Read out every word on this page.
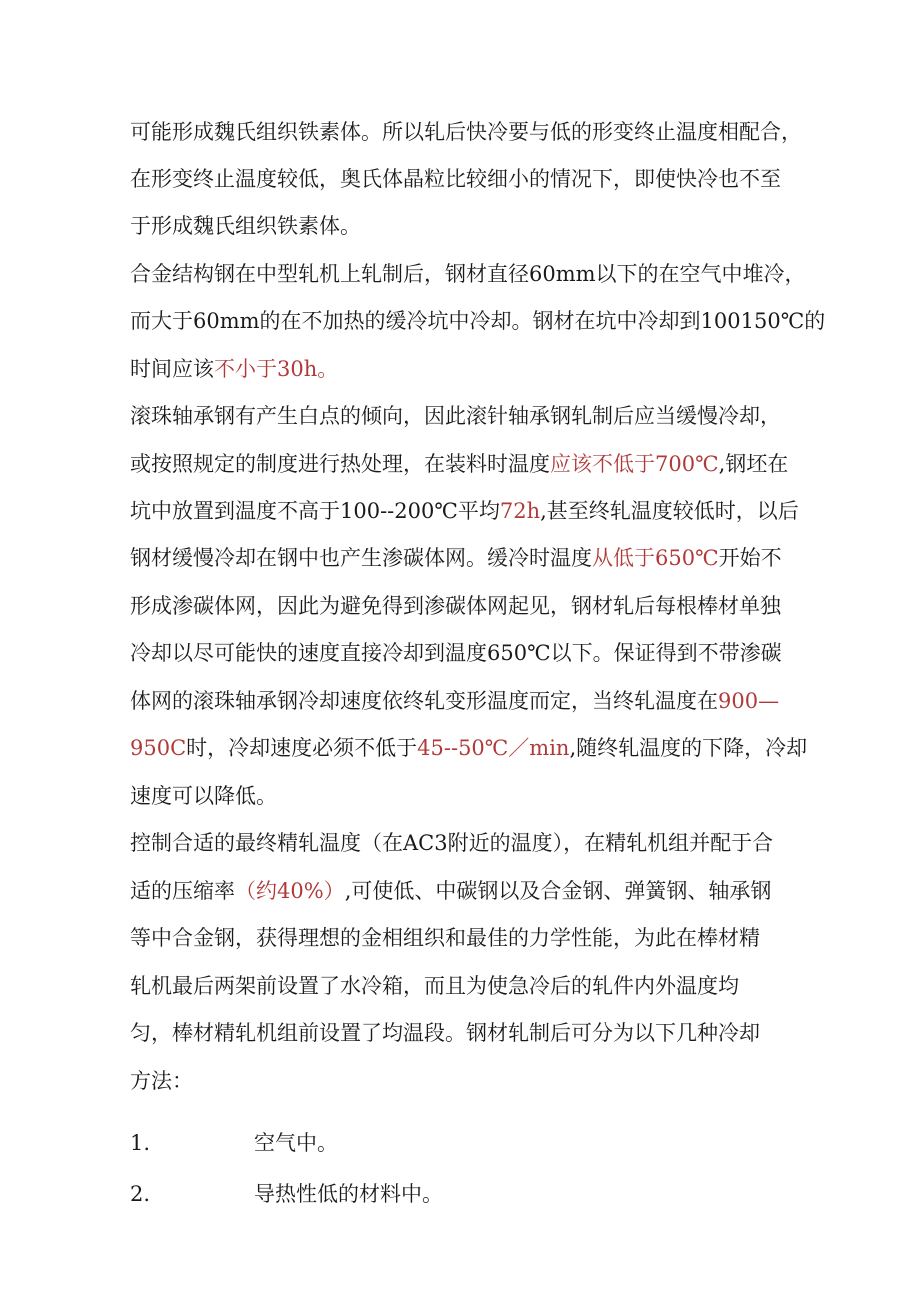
可能形成魏氏组织铁素体。所以轧后快冷要与低的形变终止温度相配合，
在形变终止温度较低，奥氏体晶粒比较细小的情况下，即使快冷也不至
于形成魏氏组织铁素体。
合金结构钢在中型轧机上轧制后，钢材直径60mm以下的在空气中堆冷，
而大于60mm的在不加热的缓冷坑中冷却。钢材在坑中冷却到100150℃的
时间应该不小于30h。
滚珠轴承钢有产生白点的倾向，因此滚针轴承钢轧制后应当缓慢冷却，
或按照规定的制度进行热处理，在装料时温度应该不低于700℃,钢坯在
坑中放置到温度不高于100--200℃平均72h,甚至终轧温度较低时，以后
钢材缓慢冷却在钢中也产生渗碳体网。缓冷时温度从低于650℃开始不
形成渗碳体网，因此为避免得到渗碳体网起见，钢材轧后每根棒材单独
冷却以尽可能快的速度直接冷却到温度650℃以下。保证得到不带渗碳
体网的滚珠轴承钢冷却速度依终轧变形温度而定，当终轧温度在900—
950C时，冷却速度必须不低于45--50℃／min,随终轧温度的下降，冷却
速度可以降低。
控制合适的最终精轧温度（在AC3附近的温度），在精轧机组并配于合
适的压缩率（约40%）,可使低、中碳钢以及合金钢、弹簧钢、轴承钢
等中合金钢，获得理想的金相组织和最佳的力学性能，为此在棒材精
轧机最后两架前设置了水冷箱，而且为使急冷后的轧件内外温度均
匀，棒材精轧机组前设置了均温段。钢材轧制后可分为以下几种冷却
方法：
1.	空气中。
2.	导热性低的材料中。
